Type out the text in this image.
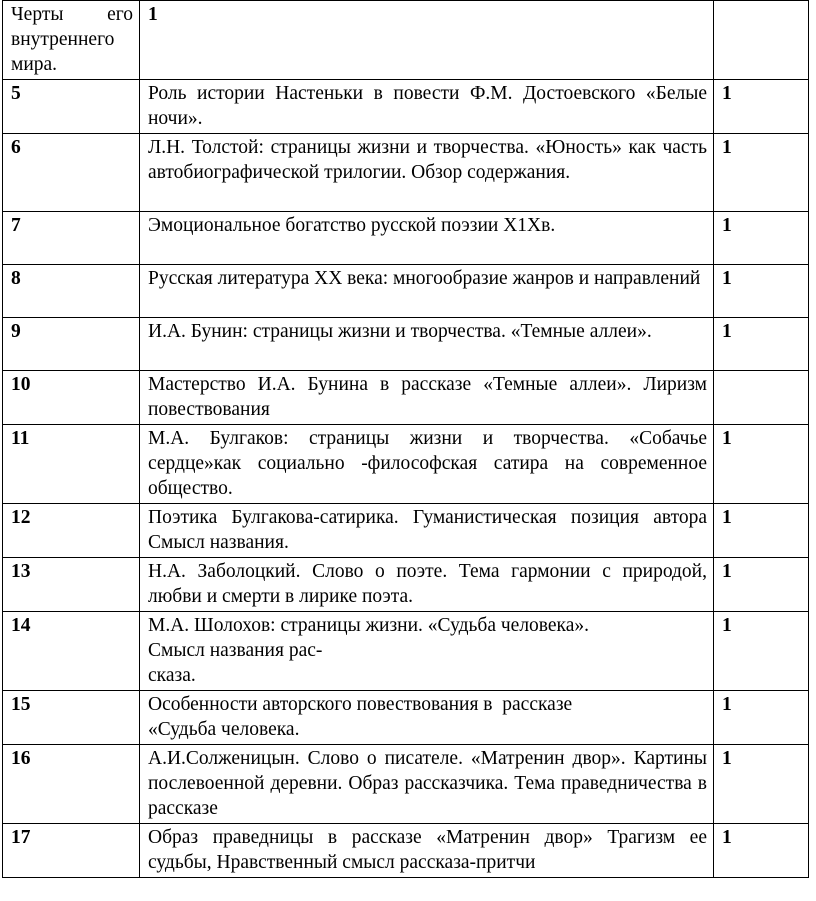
Черты его внутреннего мира.	1	
5	Роль истории Настеньки в повести Ф.М. Достоевского «Белые ночи».	1
6	Л.Н. Толстой: страницы жизни и творчества. «Юность» как часть автобиографической трилогии. Обзор содержания.	1
7	Эмоциональное богатство русской поэзии Х1Хв.	1
8	Русская литература ХХ века: многообразие жанров и направлений	1
9	И.А. Бунин: страницы жизни и творчества. «Темные аллеи».	1
10	Мастерство И.А. Бунина в рассказе «Темные аллеи». Лиризм повествования	
11	М.А. Булгаков: страницы жизни и творчества. «Собачье сердце»как социально -философская сатира на современное общество.	1
12	Поэтика Булгакова-сатирика. Гуманистическая позиция автора Смысл названия.	1
13	Н.А. Заболоцкий. Слово о поэте. Тема гармонии с природой, любви и смерти в лирике поэта.	1
14	М.А. Шолохов: страницы жизни. «Судьба человека».
Смысл названия рас-
сказа.	1
15	Особенности авторского повествования в  рассказе
«Судьба человека.	1
16	А.И.Солженицын. Слово о писателе. «Матренин двор». Картины послевоенной деревни. Образ рассказчика. Тема праведничества в рассказе	1
17	Образ праведницы в рассказе «Матренин двор» Трагизм ее судьбы, Нравственный смысл рассказа-притчи	1
